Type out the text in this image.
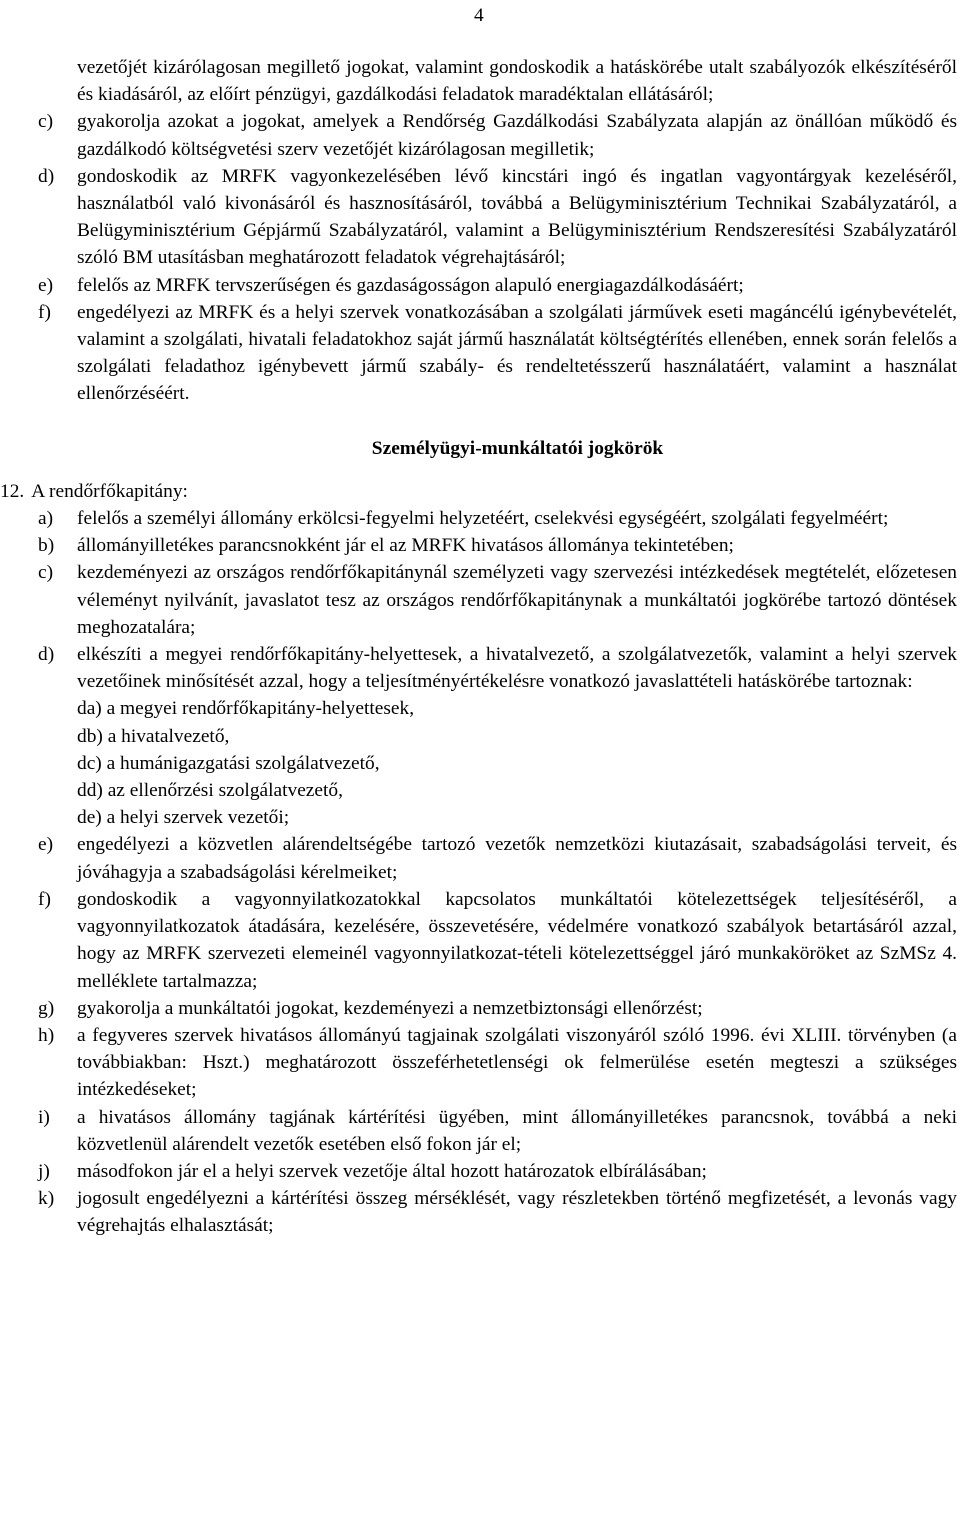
4
vezetőjét kizárólagosan megillető jogokat, valamint gondoskodik a hatáskörébe utalt szabályozók elkészítéséről és kiadásáról, az előírt pénzügyi, gazdálkodási feladatok maradéktalan ellátásáról;
c)	gyakorolja azokat a jogokat, amelyek a Rendőrség Gazdálkodási Szabályzata alapján az önállóan működő és gazdálkodó költségvetési szerv vezetőjét kizárólagosan megilletik;
d)	gondoskodik az MRFK vagyonkezelésében lévő kincstári ingó és ingatlan vagyontárgyak kezeléséről, használatból való kivonásáról és hasznosításáról, továbbá a Belügyminisztérium Technikai Szabályzatáról, a Belügyminisztérium Gépjármű Szabályzatáról, valamint a Belügyminisztérium Rendszeresítési Szabályzatáról szóló BM utasításban meghatározott feladatok végrehajtásáról;
e)	felelős az MRFK tervszerűségen és gazdaságosságon alapuló energiagazdálkodásáért;
f)	engedélyezi az MRFK és a helyi szervek vonatkozásában a szolgálati járművek eseti magáncélú igénybevételét, valamint a szolgálati, hivatali feladatokhoz saját jármű használatát költségtérítés ellenében, ennek során felelős a szolgálati feladathoz igénybevett jármű szabály- és rendeltetésszerű használatáért, valamint a használat ellenőrzéséért.
Személyügyi-munkáltatói jogkörök
12. A rendőrfőkapitány:
a)	felelős a személyi állomány erkölcsi-fegyelmi helyzetéért, cselekvési egységéért, szolgálati fegyelméért;
b)	állományilletékes parancsnokként jár el az MRFK hivatásos állománya tekintetében;
c)	kezdeményezi az országos rendőrfőkapitánynál személyzeti vagy szervezési intézkedések megtételét, előzetesen véleményt nyilvánít, javaslatot tesz az országos rendőrfőkapitánynak a munkáltatói jogkörébe tartozó döntések meghozatalára;
d)	elkészíti a megyei rendőrfőkapitány-helyettesek, a hivatalvezető, a szolgálatvezetők, valamint a helyi szervek vezetőinek minősítését azzal, hogy a teljesítményértékelésre vonatkozó javaslattételi hatáskörébe tartoznak:
da) a megyei rendőrfőkapitány-helyettesek,
db) a hivatalvezető,
dc) a humánigazgatási szolgálatvezető,
dd) az ellenőrzési szolgálatvezető,
de) a helyi szervek vezetői;
e)	engedélyezi a közvetlen alárendeltségébe tartozó vezetők nemzetközi kiutazásait, szabadságolási terveit, és jóváhagyja a szabadságolási kérelmeiket;
f)	gondoskodik a vagyonnyilatkozatokkal kapcsolatos munkáltatói kötelezettségek teljesítéséről, a vagyonnyilatkozatok átadására, kezelésére, összevetésére, védelmére vonatkozó szabályok betartásáról azzal, hogy az MRFK szervezeti elemeinél vagyonnyilatkozat-tételi kötelezettséggel járó munkaköröket az SzMSz 4. melléklete tartalmazza;
g)	gyakorolja a munkáltatói jogokat, kezdeményezi a nemzetbiztonsági ellenőrzést;
h)	a fegyveres szervek hivatásos állományú tagjainak szolgálati viszonyáról szóló 1996. évi XLIII. törvényben (a továbbiakban: Hszt.) meghatározott összeférhetetlenségi ok felmerülése esetén megteszi a szükséges intézkedéseket;
i)	a hivatásos állomány tagjának kártérítési ügyében, mint állományilletékes parancsnok, továbbá a neki közvetlenül alárendelt vezetők esetében első fokon jár el;
j)	másodfokon jár el a helyi szervek vezetője által hozott határozatok elbírálásában;
k)	jogosult engedélyezni a kártérítési összeg mérséklését, vagy részletekben történő megfizetését, a levonás vagy végrehajtás elhalasztását;
